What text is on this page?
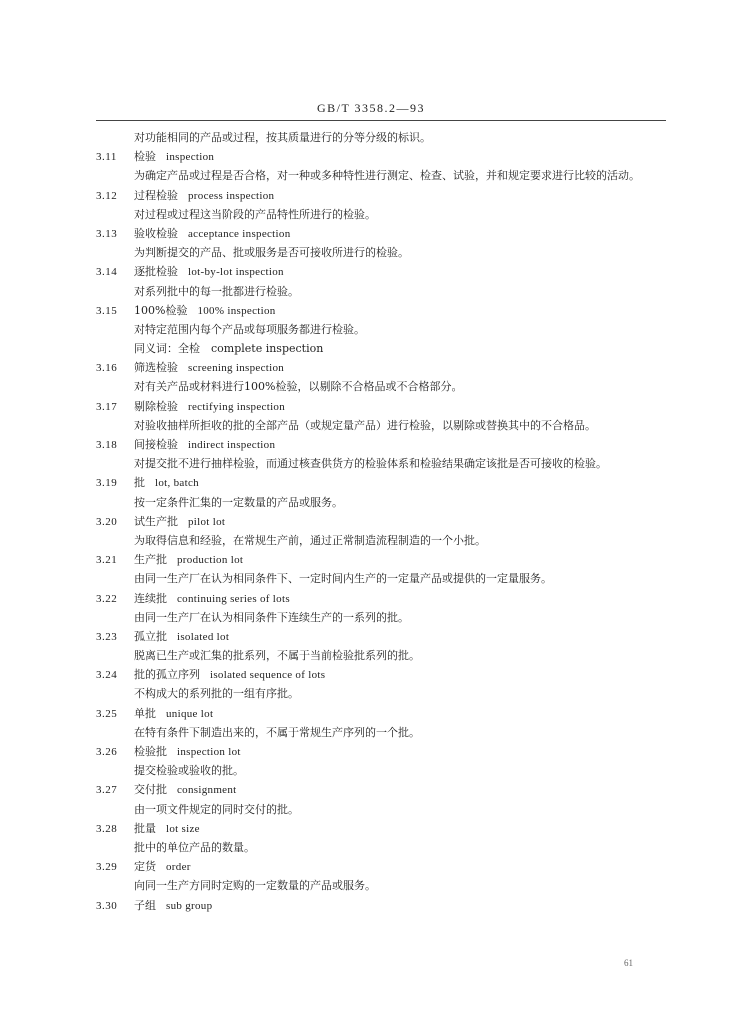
GB/T 3358.2—93
对功能相同的产品或过程，按其质量进行的分等分级的标识。
3.11 检验 inspection
为确定产品或过程是否合格，对一种或多种特性进行测定、检查、试验，并和规定要求进行比较的活动。
3.12 过程检验 process inspection
对过程或过程这当阶段的产品特性所进行的检验。
3.13 验收检验 acceptance inspection
为判断提交的产品、批或服务是否可接收所进行的检验。
3.14 逐批检验 lot-by-lot inspection
对系列批中的每一批都进行检验。
3.15 100%检验 100% inspection
对特定范围内每个产品或每项服务都进行检验。
同义词：全检　complete inspection
3.16 筛选检验 screening inspection
对有关产品或材料进行100%检验，以剔除不合格品或不合格部分。
3.17 剔除检验 rectifying inspection
对验收抽样所拒收的批的全部产品（或规定量产品）进行检验，以剔除或替换其中的不合格品。
3.18 间接检验 indirect inspection
对提交批不进行抽样检验，而通过核查供货方的检验体系和检验结果确定该批是否可接收的检验。
3.19 批 lot, batch
按一定条件汇集的一定数量的产品或服务。
3.20 试生产批 pilot lot
为取得信息和经验，在常规生产前，通过正常制造流程制造的一个小批。
3.21 生产批 production lot
由同一生产厂在认为相同条件下、一定时间内生产的一定量产品或提供的一定量服务。
3.22 连续批 continuing series of lots
由同一生产厂在认为相同条件下连续生产的一系列的批。
3.23 孤立批 isolated lot
脱离已生产或汇集的批系列，不属于当前检验批系列的批。
3.24 批的孤立序列 isolated sequence of lots
不构成大的系列批的一组有序批。
3.25 单批 unique lot
在特有条件下制造出来的，不属于常规生产序列的一个批。
3.26 检验批 inspection lot
提交检验或验收的批。
3.27 交付批 consignment
由一项文件规定的同时交付的批。
3.28 批量 lot size
批中的单位产品的数量。
3.29 定货 order
向同一生产方同时定购的一定数量的产品或服务。
3.30 子组 sub group
61
